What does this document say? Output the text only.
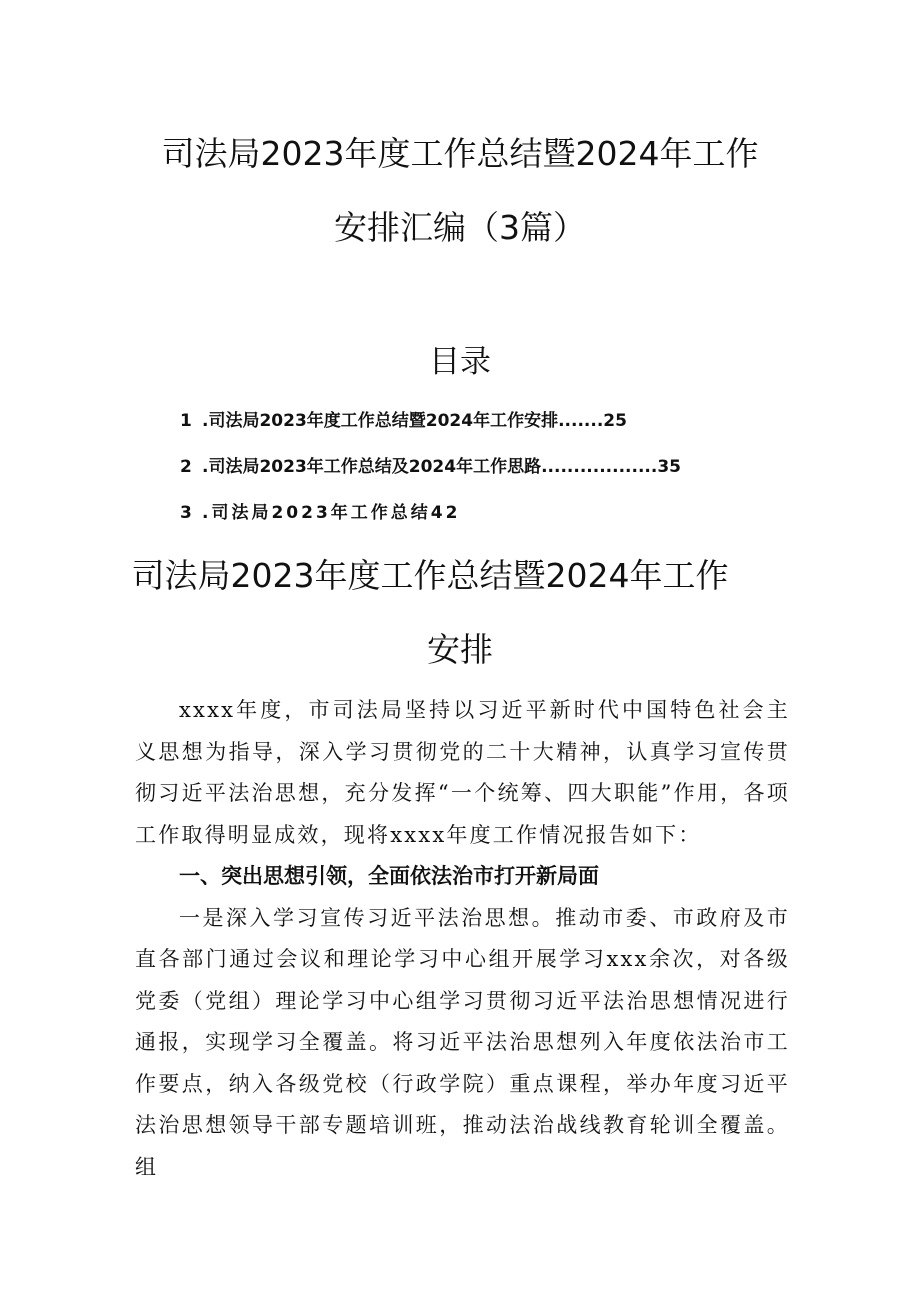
司法局2023年度工作总结暨2024年工作
安排汇编（3篇）
目录
1 .司法局2023年度工作总结暨2024年工作安排.......25
2 .司法局2023年工作总结及2024年工作思路..................35
3 .司法局2023年工作总结42
司法局2023年度工作总结暨2024年工作
安排

xxxx年度，市司法局坚持以习近平新时代中国特色社会主义思想为指导，深入学习贯彻党的二十大精神，认真学习宣传贯彻习近平法治思想，充分发挥“一个统筹、四大职能”作用，各项工作取得明显成效，现将xxxx年度工作情况报告如下：

一、突出思想引领，全面依法治市打开新局面

一是深入学习宣传习近平法治思想。推动市委、市政府及市直各部门通过会议和理论学习中心组开展学习xxx余次，对各级党委（党组）理论学习中心组学习贯彻习近平法治思想情况进行通报，实现学习全覆盖。将习近平法治思想列入年度依法治市工作要点，纳入各级党校（行政学院）重点课程，举办年度习近平法治思想领导干部专题培训班，推动法治战线教育轮训全覆盖。组
